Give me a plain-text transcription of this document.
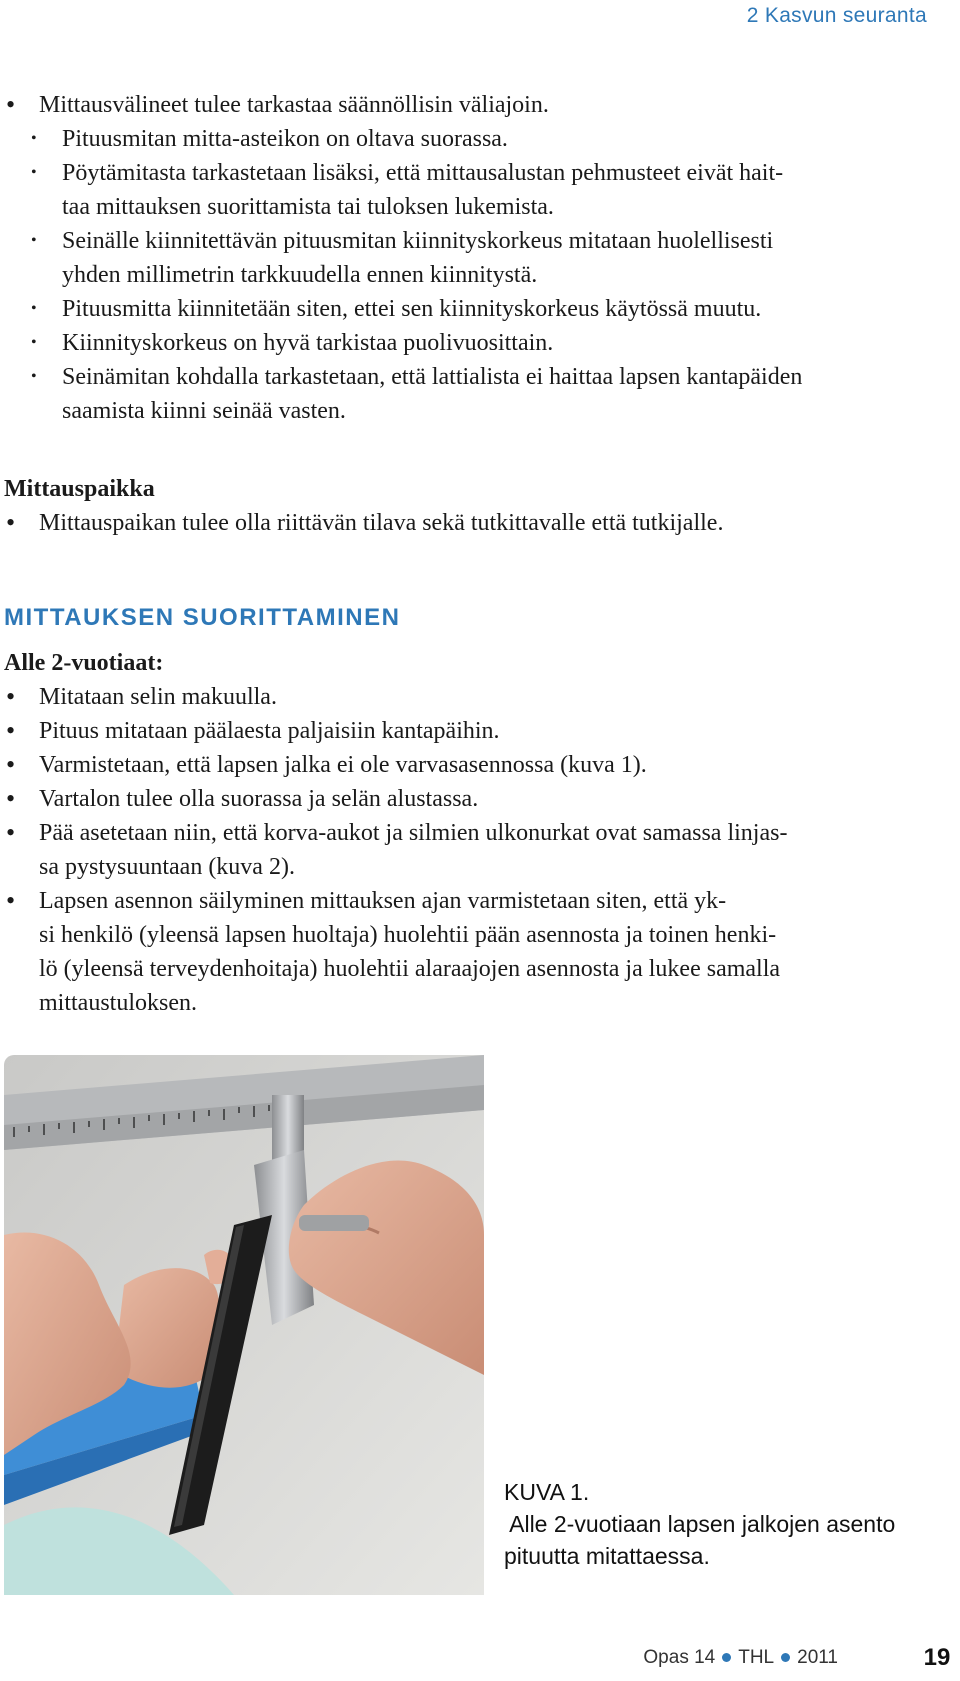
2 Kasvun seuranta
• Mittausvälineet tulee tarkastaa säännöllisin väliajoin.
• Pituusmitan mitta-asteikon on oltava suorassa.
• Pöytämitasta tarkastetaan lisäksi, että mittausalustan pehmusteet eivät hait-
taa mittauksen suorittamista tai tuloksen lukemista.
• Seinälle kiinnitettävän pituusmitan kiinnityskorkeus mitataan huolellisesti
yhden millimetrin tarkkuudella ennen kiinnitystä.
• Pituusmitta kiinnitetään siten, ettei sen kiinnityskorkeus käytössä muutu.
• Kiinnityskorkeus on hyvä tarkistaa puolivuosittain.
• Seinämitan kohdalla tarkastetaan, että lattialista ei haittaa lapsen kantapäiden
saamista kiinni seinää vasten.
Mittauspaikka
• Mittauspaikan tulee olla riittävän tilava sekä tutkittavalle että tutkijalle.
MITTAUKSEN SUORITTAMINEN
Alle 2-vuotiaat:
• Mitataan selin makuulla.
• Pituus mitataan päälaesta paljaisiin kantapäihin.
• Varmistetaan, että lapsen jalka ei ole varvasasennossa (kuva 1).
• Vartalon tulee olla suorassa ja selän alustassa.
• Pää asetetaan niin, että korva-aukot ja silmien ulkonurkat ovat samassa linjas-
sa pystysuuntaan (kuva 2).
• Lapsen asennon säilyminen mittauksen ajan varmistetaan siten, että yk-
si henkilö (yleensä lapsen huoltaja) huolehtii pään asennosta ja toinen henki-
lö (yleensä terveydenhoitaja) huolehtii alaraajojen asennosta ja lukee samalla
mittaustuloksen.
KUVA 1.
Alle 2-vuotiaan lapsen jalkojen asento
pituutta mitattaessa.
Opas 14 THL 2011	19
